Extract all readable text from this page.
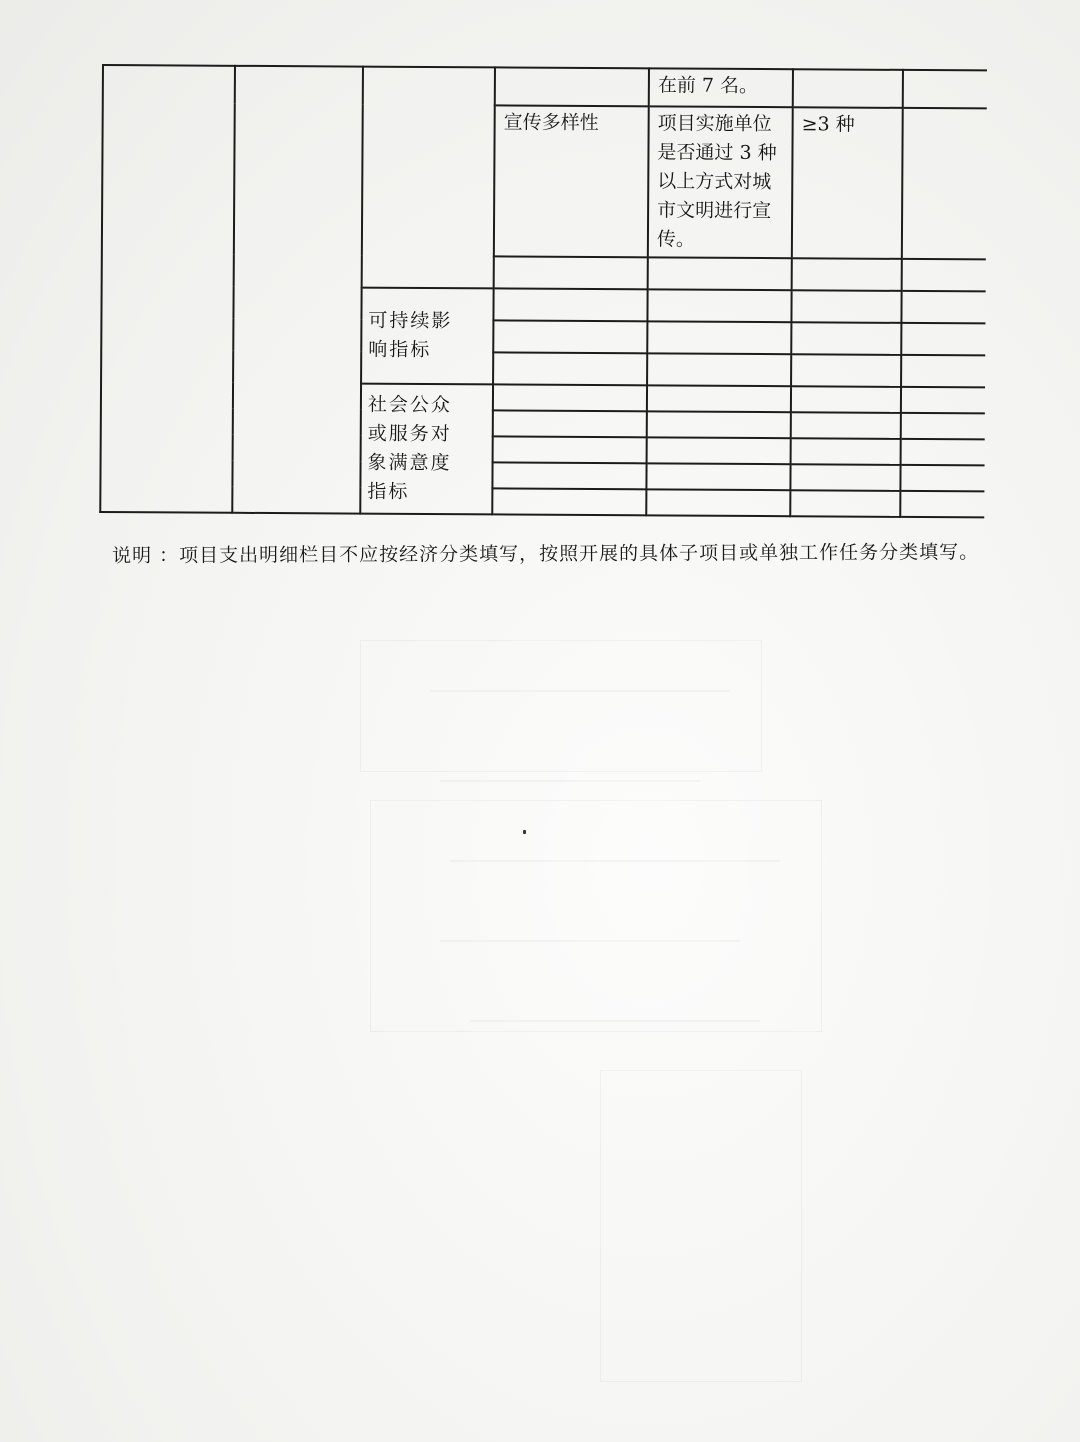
				在前 7 名。		

			宣传多样性	项目实施单位
是否通过 3 种
以上方式对城
市文明进行宣
传。	≥3 种	

		可持续影
响指标				

		社会公众
或服务对
象满意度
指标				

说明 ：项目支出明细栏目不应按经济分类填写，按照开展的具体子项目或单独工作任务分类填写。
